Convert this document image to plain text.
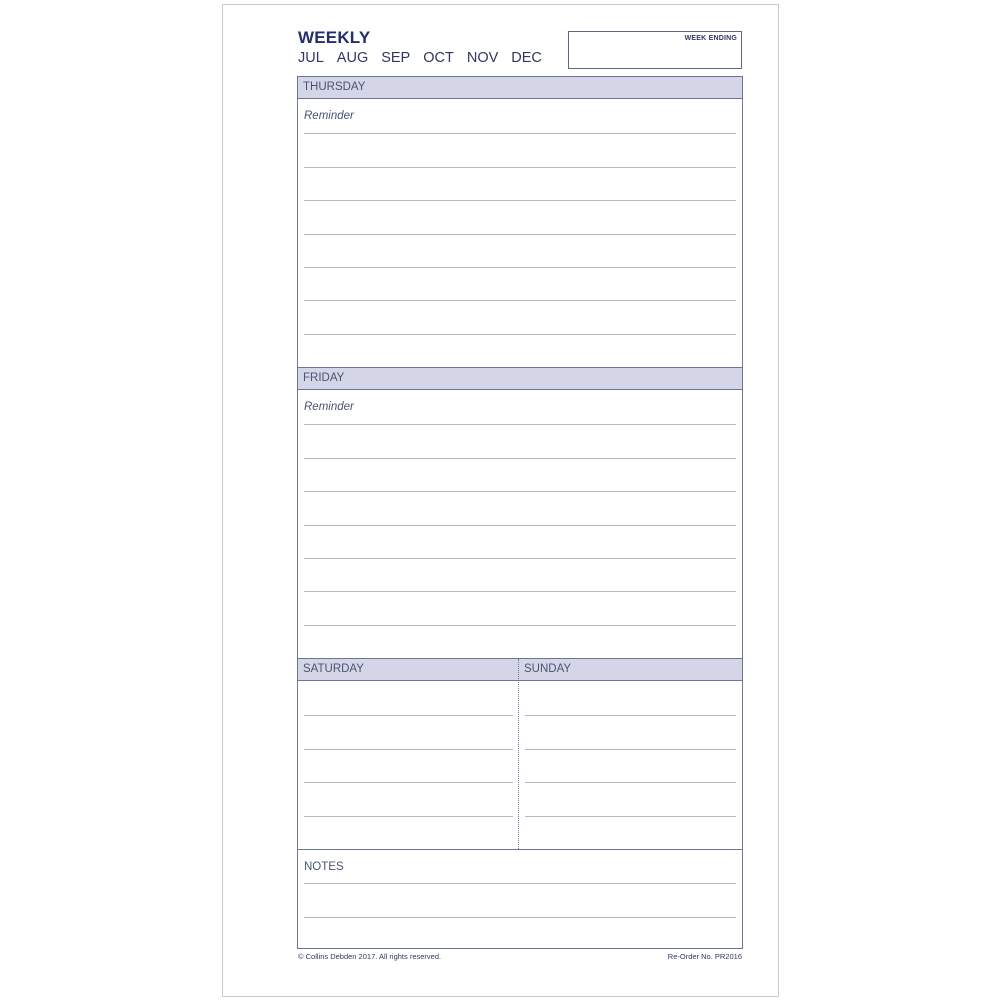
WEEKLY
JUL AUG SEP OCT NOV DEC
WEEK ENDING
THURSDAY
Reminder
FRIDAY
Reminder
SATURDAY	SUNDAY
NOTES
© Collins Debden 2017. All rights reserved.	Re-Order No. PR2016
